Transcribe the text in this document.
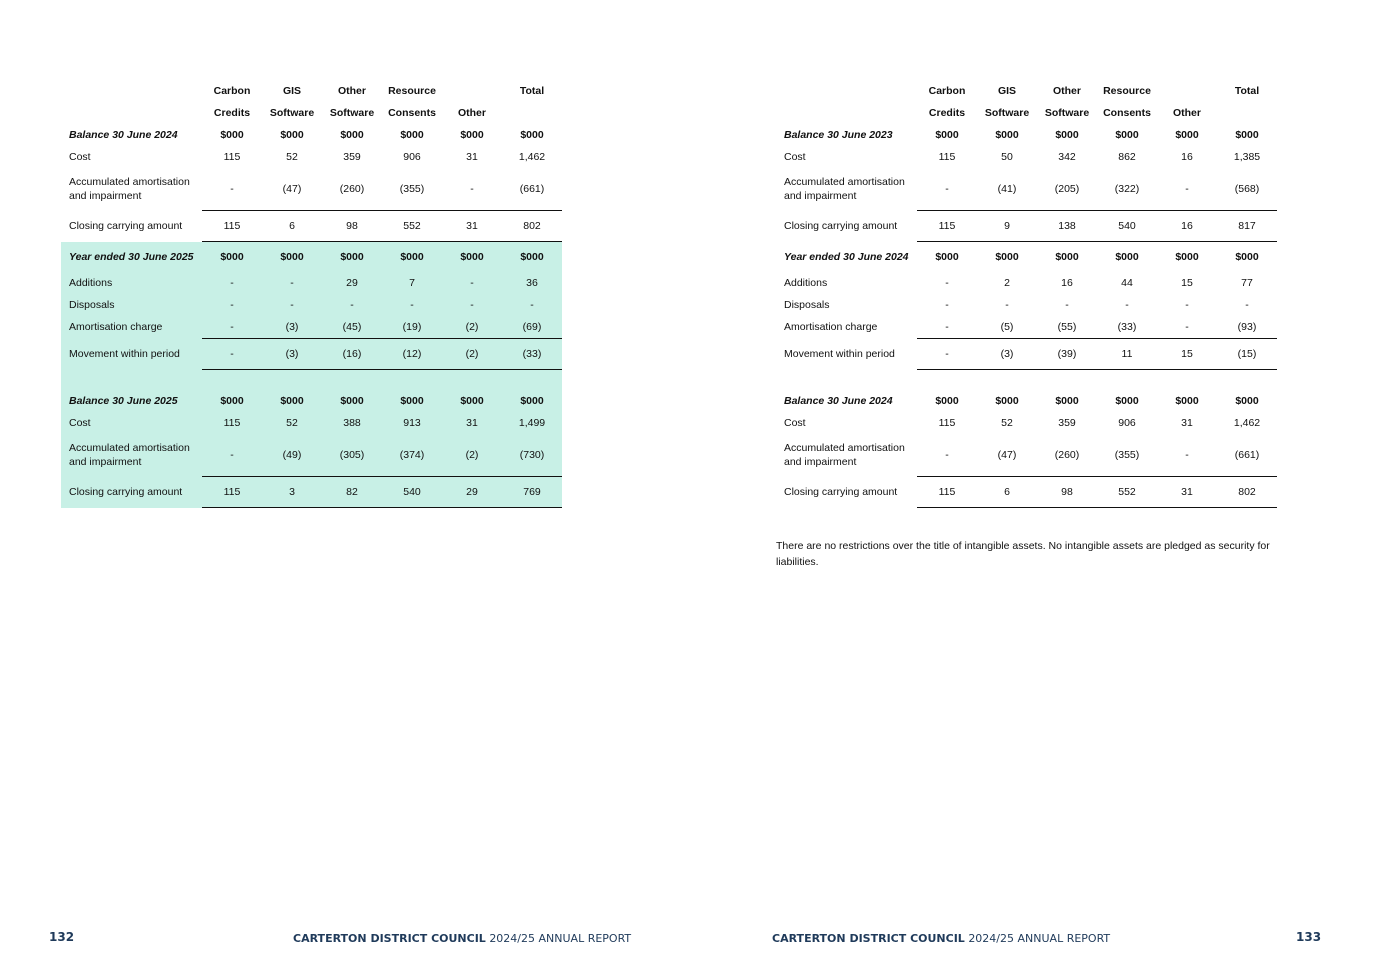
	Carbon	GIS	Other	Resource		Total
	Credits	Software	Software	Consents	Other	
Balance 30 June 2024	$000	$000	$000	$000	$000	$000
Cost	115	52	359	906	31	1,462
Accumulated amortisation and impairment	-	(47)	(260)	(355)	-	(661)
Closing carrying amount	115	6	98	552	31	802
Year ended 30 June 2025	$000	$000	$000	$000	$000	$000
Additions	-	-	29	7	-	36
Disposals	-	-	-	-	-	-
Amortisation charge	-	(3)	(45)	(19)	(2)	(69)
Movement within period	-	(3)	(16)	(12)	(2)	(33)

Balance 30 June 2025	$000	$000	$000	$000	$000	$000
Cost	115	52	388	913	31	1,499
Accumulated amortisation and impairment	-	(49)	(305)	(374)	(2)	(730)
Closing carrying amount	115	3	82	540	29	769
132	CARTERTON DISTRICT COUNCIL 2024/25 ANNUAL REPORT
	Carbon	GIS	Other	Resource		Total
	Credits	Software	Software	Consents	Other	
Balance 30 June 2023	$000	$000	$000	$000	$000	$000
Cost	115	50	342	862	16	1,385
Accumulated amortisation and impairment	-	(41)	(205)	(322)	-	(568)
Closing carrying amount	115	9	138	540	16	817
Year ended 30 June 2024	$000	$000	$000	$000	$000	$000
Additions	-	2	16	44	15	77
Disposals	-	-	-	-	-	-
Amortisation charge	-	(5)	(55)	(33)	-	(93)
Movement within period	-	(3)	(39)	11	15	(15)

Balance 30 June 2024	$000	$000	$000	$000	$000	$000
Cost	115	52	359	906	31	1,462
Accumulated amortisation and impairment	-	(47)	(260)	(355)	-	(661)
Closing carrying amount	115	6	98	552	31	802

There are no restrictions over the title of intangible assets. No intangible assets are pledged as security for liabilities.

CARTERTON DISTRICT COUNCIL 2024/25 ANNUAL REPORT	133
